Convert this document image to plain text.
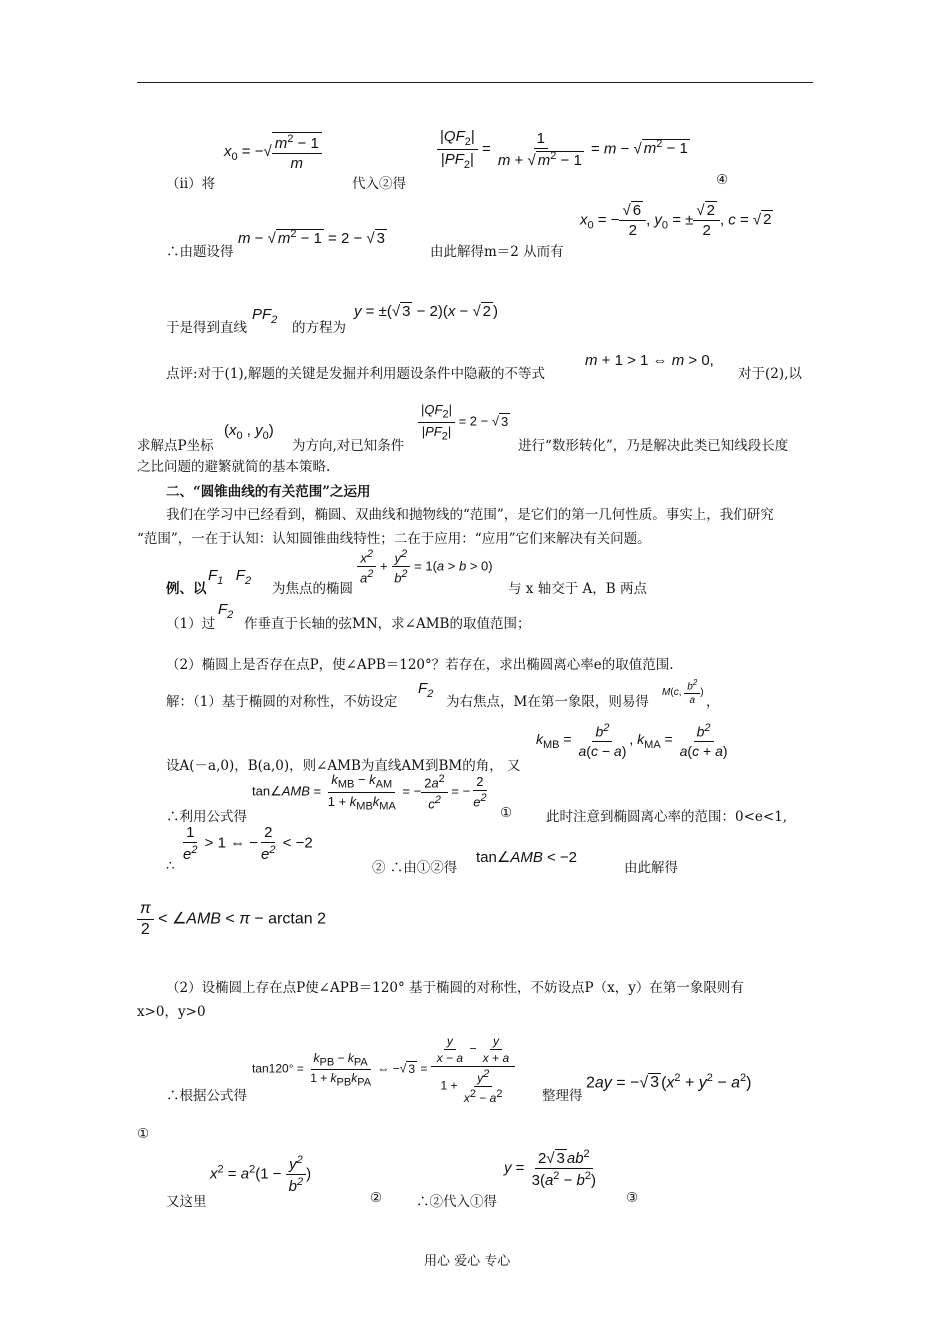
（ii）将
$x_0$ = −√ $\frac{m^2 - 1}{m}$
代入②得
$\frac{|QF_2|}{|PF_2|} = \frac{1}{m + √ m^2 - 1} = m$ − √ $m^2 - 1$
④
∴由题设得
m − √ $m^2 - 1 = 2$ − √ 3
由此解得m＝2 从而有
$x_0$ = − $\frac{√ 6}{2}$ , $y_0$ = ± $\frac{√ 2}{2}$ , c = √ 2
于是得到直线
$PF_2$ 的方程为
y = ±(√ 3 − 2)(x − √ 2 )
点评:对于(1),解题的关键是发掘并利用题设条件中隐蔽的不等式
m + 1 > 1 ⇔ m > 0,
对于(2),以
求解点P坐标
($x_0$ , $y_0$)
为方向,对已知条件
$\frac{|QF_2|}{|PF_2|} = 2$ − √ 3
进行“数形转化”，乃是解决此类已知线段长度
之比问题的避繁就简的基本策略.
二、“圆锥曲线的有关范围”之运用
我们在学习中已经看到，椭圆、双曲线和抛物线的“范围”，是它们的第一几何性质。事实上，我们研究
“范围”，一在于认知：认知圆锥曲线特性；二在于应用：“应用”它们来解决有关问题。
例、以
$F_1$   $F_2$ 为焦点的椭圆
$\frac{x^2}{a^2} + \frac{y^2}{b^2} = 1(a > b > 0)$
与 x 轴交于 A，B 两点
（1）过
$F_2$
作垂直于长轴的弦MN，求∠AMB的取值范围；
（2）椭圆上是否存在点P，使∠APB＝120°？若存在，求出椭圆离心率e的取值范围.
解：（1）基于椭圆的对称性，不妨设定
$F_2$ 为右焦点，M在第一象限，则易得
M(c, $\frac{b^2}{a}$ )
，
设A(－a,0)，B(a,0)，则∠AMB为直线AM到BM的角， 又
$k_{MB} = \frac{b^2}{a(c - a)}$ , $k_{MA} = \frac{b^2}{a(c + a)}$
∴利用公式得
tan∠AMB = $\frac{k_{MB} - k_{AM}}{1 + k_{MB}k_{MA}}$ = − $\frac{2a^2}{c^2}$ = − $\frac{2}{e^2}$
①	此时注意到椭圆离心率的范围：0<e<1,
∴
$\frac{1}{e^2} > 1$ ⇔ − $\frac{2}{e^2} < -2$
② ∴由①②得
tan∠AMB < −2
由此解得
$\frac{\pi}{2}$ < ∠AMB < π − arctan 2
（2）设椭圆上存在点P使∠APB＝120° 基于椭圆的对称性，不妨设点P（x，y）在第一象限则有
x>0，y>0
∴根据公式得
$\tan 120^\circ = \frac{k_{PB} - k_{PA}}{1 + k_{PB}k_{PA}}$ ⇔ −√ $3 = \frac{\frac{y}{x - a} - \frac{y}{x + a}}{1 + \frac{y^2}{x^2 - a^2}}$ 整理得
2ay = −√ 3 $(x^2 + y^2 - a^2)$
①
又这里
$x^2 = a^2(1 - \frac{y^2}{b^2}$ )
②	∴②代入①得
$y = \frac{2√ 3 ab^2}{3(a^2 - b^2)}$
③
用心 爱心 专心
